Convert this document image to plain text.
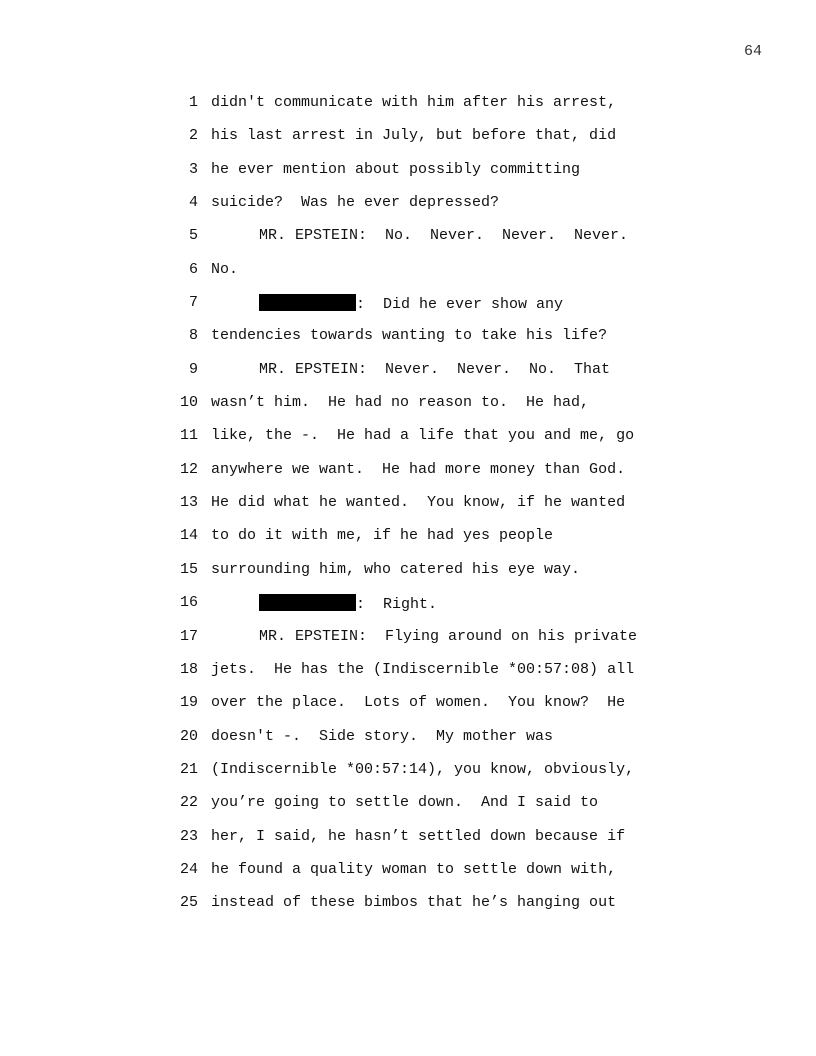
64

1

didn't communicate with him after his arrest,

2

his last arrest in July, but before that, did

3

he ever mention about possibly committing

4

suicide?  Was he ever depressed?

5

	MR. EPSTEIN:  No.  Never.  Never.  Never.

6

No.

7

	:  Did he ever show any

8

tendencies towards wanting to take his life?

9

	MR. EPSTEIN:  Never.  Never.  No.  That

10

wasn’t him.  He had no reason to.  He had,

11

like, the -.  He had a life that you and me, go

12

anywhere we want.  He had more money than God.

13

He did what he wanted.  You know, if he wanted

14

to do it with me, if he had yes people

15

surrounding him, who catered his eye way.

16

	:  Right.

17

	MR. EPSTEIN:  Flying around on his private

18

jets.  He has the (Indiscernible *00:57:08) all

19

over the place.  Lots of women.  You know?  He

20

doesn't -.  Side story.  My mother was

21

(Indiscernible *00:57:14), you know, obviously,

22

you’re going to settle down.  And I said to

23

her, I said, he hasn’t settled down because if

24

he found a quality woman to settle down with,

25

instead of these bimbos that he’s hanging out
